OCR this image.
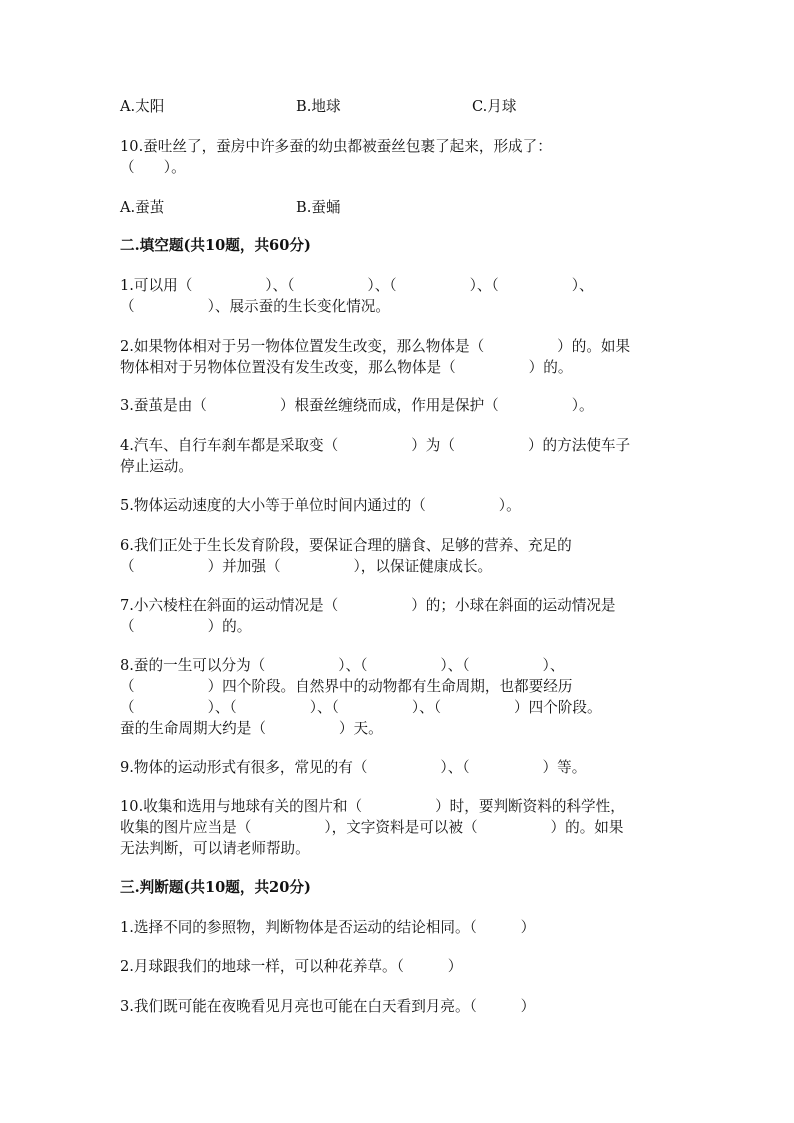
A.太阳	B.地球	C.月球
10.蚕吐丝了，蚕房中许多蚕的幼虫都被蚕丝包裹了起来，形成了：
（　　）。
A.蚕茧	B.蚕蛹
二.填空题(共10题，共60分)
1.可以用（　　　　　）、（　　　　　）、（　　　　　）、（　　　　　）、
（　　　　　）、展示蚕的生长变化情况。
2.如果物体相对于另一物体位置发生改变，那么物体是（　　　　　）的。如果
物体相对于另物体位置没有发生改变，那么物体是（　　　　　）的。
3.蚕茧是由（　　　　　）根蚕丝缠绕而成，作用是保护（　　　　　）。
4.汽车、自行车刹车都是采取变（　　　　　）为（　　　　　）的方法使车子
停止运动。
5.物体运动速度的大小等于单位时间内通过的（　　　　　）。
6.我们正处于生长发育阶段，要保证合理的膳食、足够的营养、充足的
（　　　　　）并加强（　　　　　），以保证健康成长。
7.小六棱柱在斜面的运动情况是（　　　　　）的；小球在斜面的运动情况是
（　　　　　）的。
8.蚕的一生可以分为（　　　　　）、（　　　　　）、（　　　　　）、
（　　　　　）四个阶段。自然界中的动物都有生命周期，也都要经历
（　　　　　）、（　　　　　）、（　　　　　）、（　　　　　）四个阶段。
蚕的生命周期大约是（　　　　　）天。
9.物体的运动形式有很多，常见的有（　　　　　）、（　　　　　）等。
10.收集和选用与地球有关的图片和（　　　　　）时，要判断资料的科学性，
收集的图片应当是（　　　　　），文字资料是可以被（　　　　　）的。如果
无法判断，可以请老师帮助。
三.判断题(共10题，共20分)
1.选择不同的参照物，判断物体是否运动的结论相同。（　　　）
2.月球跟我们的地球一样，可以种花养草。（　　　）
3.我们既可能在夜晚看见月亮也可能在白天看到月亮。（　　　）
